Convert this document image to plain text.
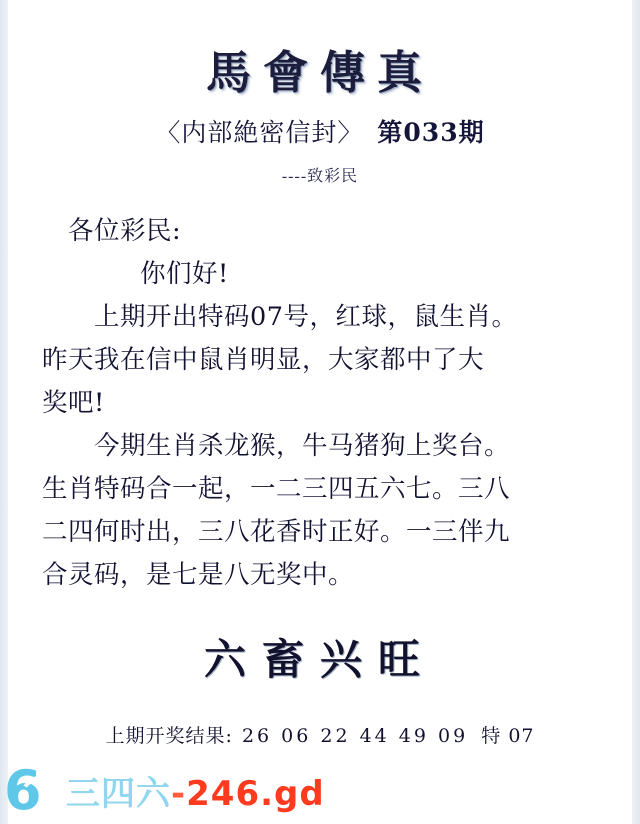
馬會傳真
〈内部絶密信封〉 第033期
----致彩民
各位彩民:
你们好!
上期开出特码07号，红球，鼠生肖。
昨天我在信中鼠肖明显，大家都中了大
奖吧!
今期生肖杀龙猴，牛马猪狗上奖台。
生肖特码合一起，一二三四五六七。三八
二四何时出，三八花香时正好。一三伴九
合灵码，是七是八无奖中。
六畜兴旺
上期开奖结果: 26 06 22 44 49 09 特 07
6 三四六-246.gd
